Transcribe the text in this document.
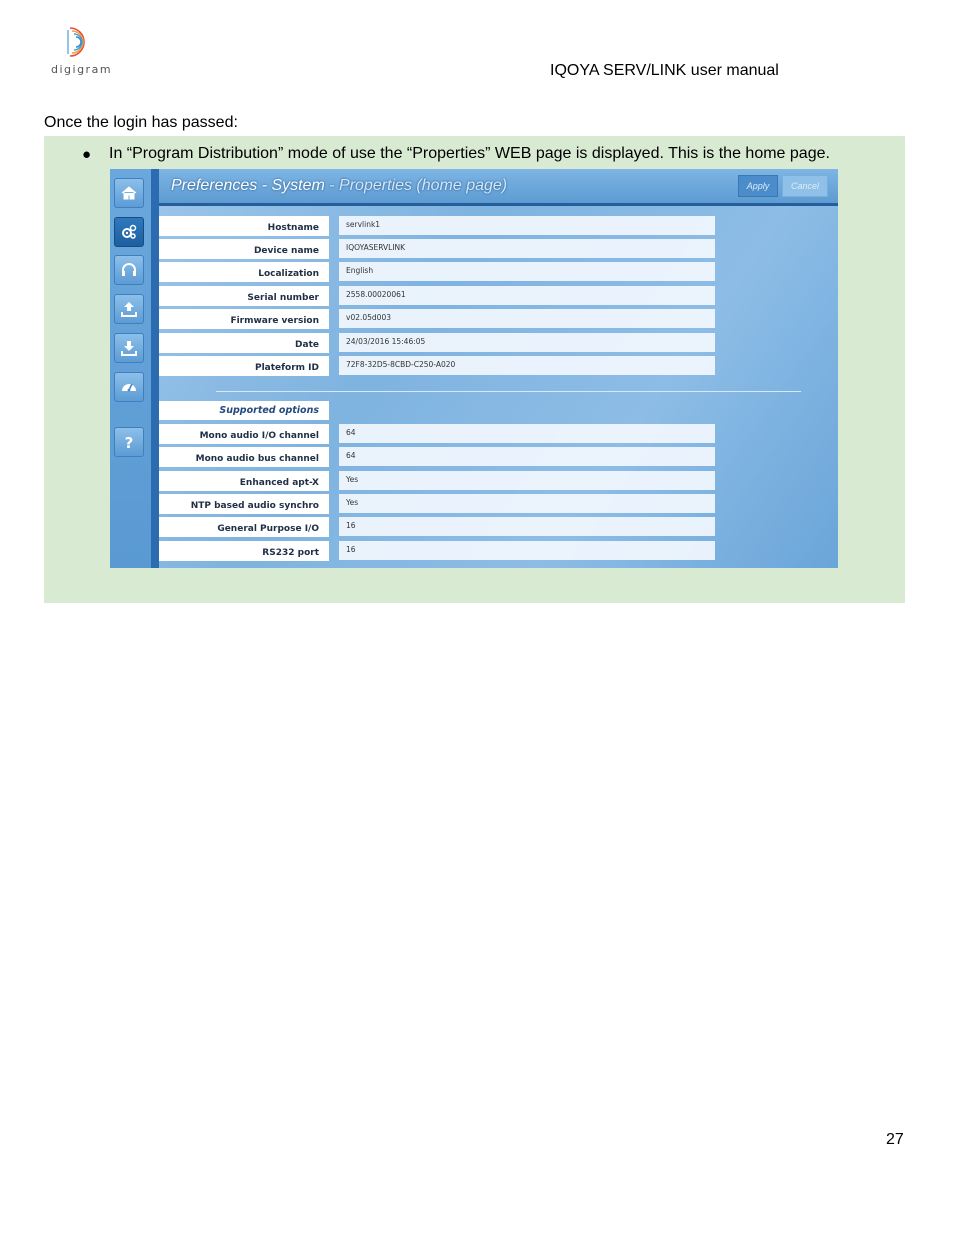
digigram	IQOYA SERV/LINK user manual
Once the login has passed:
● In “Program Distribution” mode of use the “Properties” WEB page is displayed. This is the home page.
?
Preferences - System - Properties (home page)	Apply	Cancel
Hostname	servlink1
Device name	IQOYASERVLINK
Localization	English
Serial number	2558.00020061
Firmware version	v02.05d003
Date	24/03/2016 15:46:05
Plateform ID	72F8-32D5-8CBD-C250-A020
Supported options
Mono audio I/O channel	64
Mono audio bus channel	64
Enhanced apt-X	Yes
NTP based audio synchro	Yes
General Purpose I/O	16
RS232 port	16
27
